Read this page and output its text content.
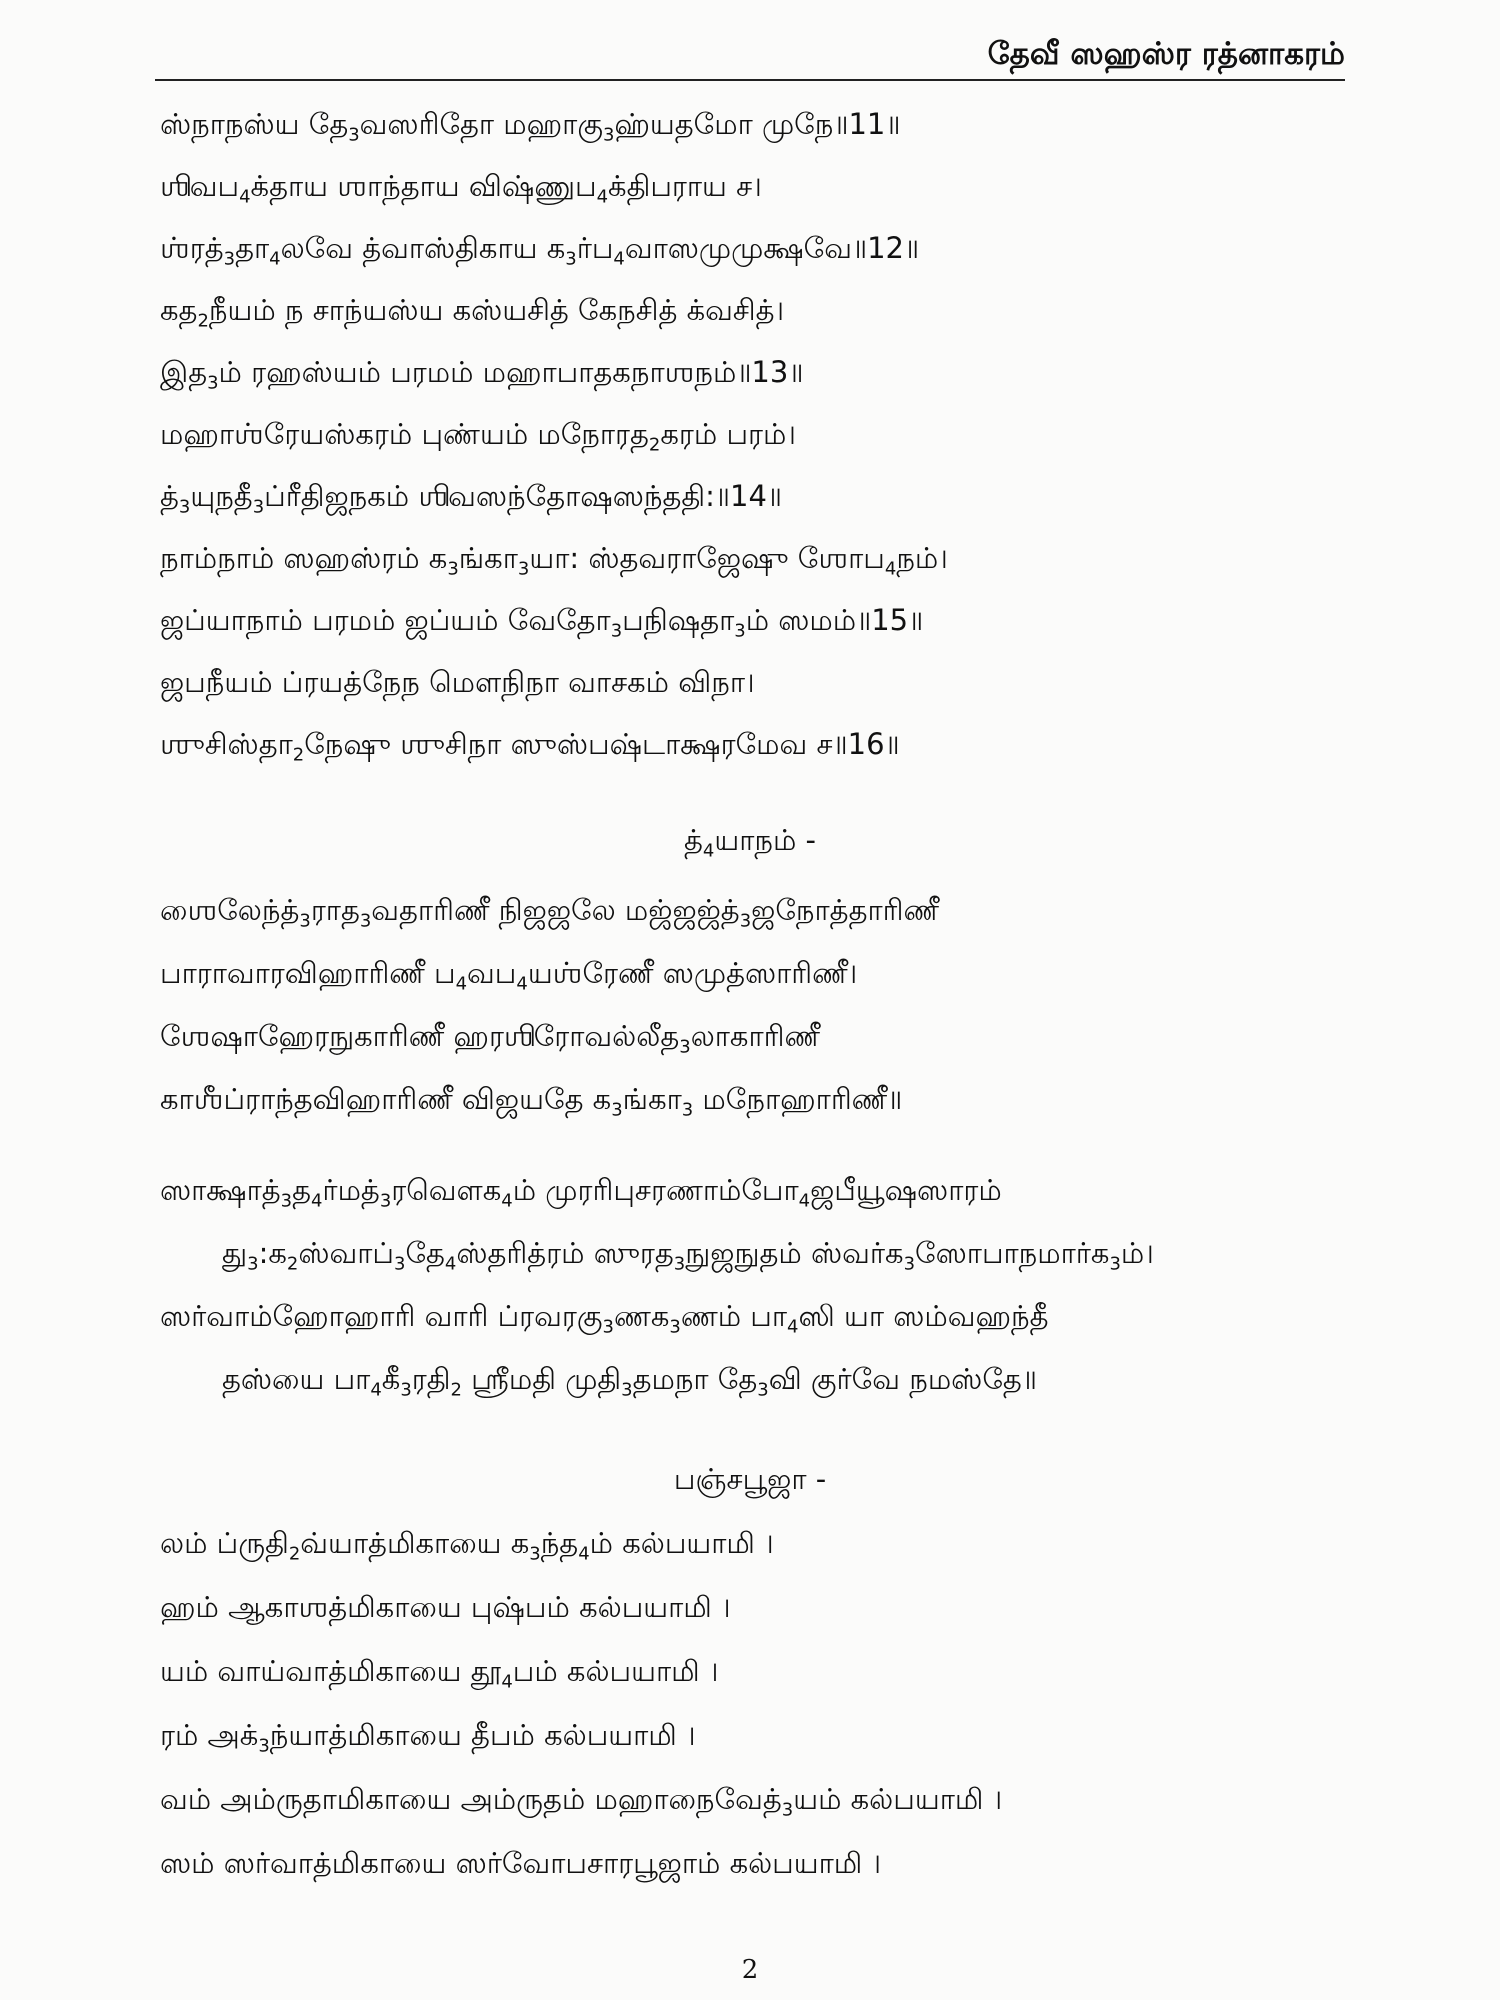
தேவீ ஸஹஸ்ர ரத்னாகரம்
ஸ்நாநஸ்ய $தே_3வஸரிதோ$ $மஹாகு_3ஹ்யதமோ$ முநே॥11॥
ஶிவப$_4$க்தாய ஶாந்தாய விஷ்ணுப$_4$க்திபராய ச।
$ஶ்ரத்_3தா_4லவே$ த்வாஸ்திகாய க$_3$ர்ப$_4$வாஸமுமுக்ஷவே॥12॥
கத$_2$நீயம் ந சாந்யஸ்ய கஸ்யசித் கேநசித் க்வசித்।
இத$_3$ம் ரஹஸ்யம் பரமம் மஹாபாதகநாஶநம்॥13॥
மஹாஶ்ரேயஸ்கரம் புண்யம் மநோரத$_2$கரம் பரம்।
$த்_3யுநதீ_3ப்ரீதிஜநகம்$ ஶிவஸந்தோஷஸந்ததி:॥14॥
நாம்நாம் ஸஹஸ்ரம் $க_3ங்கா_3யா$: ஸ்தவராஜேஷு ஶோப$_4$நம்।
ஜப்யாநாம் பரமம் ஜப்யம் $வேதோ_3பநிஷதா_3ம்$ ஸமம்॥15॥
ஜபநீயம் ப்ரயத்நேந மௌநிநா வாசகம் விநா।
$ஶுசிஸ்தா_2நேஷு$ ஶுசிநா ஸுஸ்பஷ்டாக்ஷரமேவ ச॥16॥
$த்_4யாநம்$ -
$ஶைலேந்த்_3ராத_3வதாரிணீ$ நிஜஜலே $மஜ்ஜஜ்த்_3ஜநோத்தாரிணீ$
பாராவாரவிஹாரிணீ ப$_4$வப$_4$யஶ்ரேணீ ஸமுத்ஸாரிணீ।
ஶேஷாஹேரநுகாரிணீ ஹரஶிரோவல்லீத$_3$லாகாரிணீ
காஶீப்ராந்தவிஹாரிணீ விஜயதே $க_3ங்கா_3$ மநோஹாரிணீ॥
$ஸாக்ஷாத்_3த_4ர்மத்_3ரவௌக_4ம்$ $முரரிபுசரணாம்போ_4ஜபீயூஷஸாரம்$
$து_3:க_2ஸ்வாப்_3தே_4ஸ்தரித்ரம்$ ஸுரத$_3$நுஜநுதம் ஸ்வர்க$_3$ஸோபாநமார்க$_3$ம்।
ஸர்வாம்ஹோஹாரி வாரி $ப்ரவரகு_3ணக_3ணம்$ $பா_4ஸி$ யா ஸம்வஹந்தீ
தஸ்யை $பா_4கீ_3ரதி_2$ ஶ்ரீமதி $முதி_3தமநா$ $தே_3வி$ குர்வே நமஸ்தே॥
பஞ்சபூஜா -
லம் $ப்ருதி_2வ்யாத்மிகாயை$ க$_3$ந்த$_4$ம் கல்பயாமி ।
ஹம் ஆகாஶத்மிகாயை புஷ்பம் கல்பயாமி ।
யம் வாய்வாத்மிகாயை $தூ_4பம்$ கல்பயாமி ।
ரம் $அக்_3ந்யாத்மிகாயை$ தீபம் கல்பயாமி ।
வம் அம்ருதாமிகாயை அம்ருதம் $மஹாநைவேத்_3யம்$ கல்பயாமி ।
ஸம் ஸர்வாத்மிகாயை ஸர்வோபசாரபூஜாம் கல்பயாமி ।
2
